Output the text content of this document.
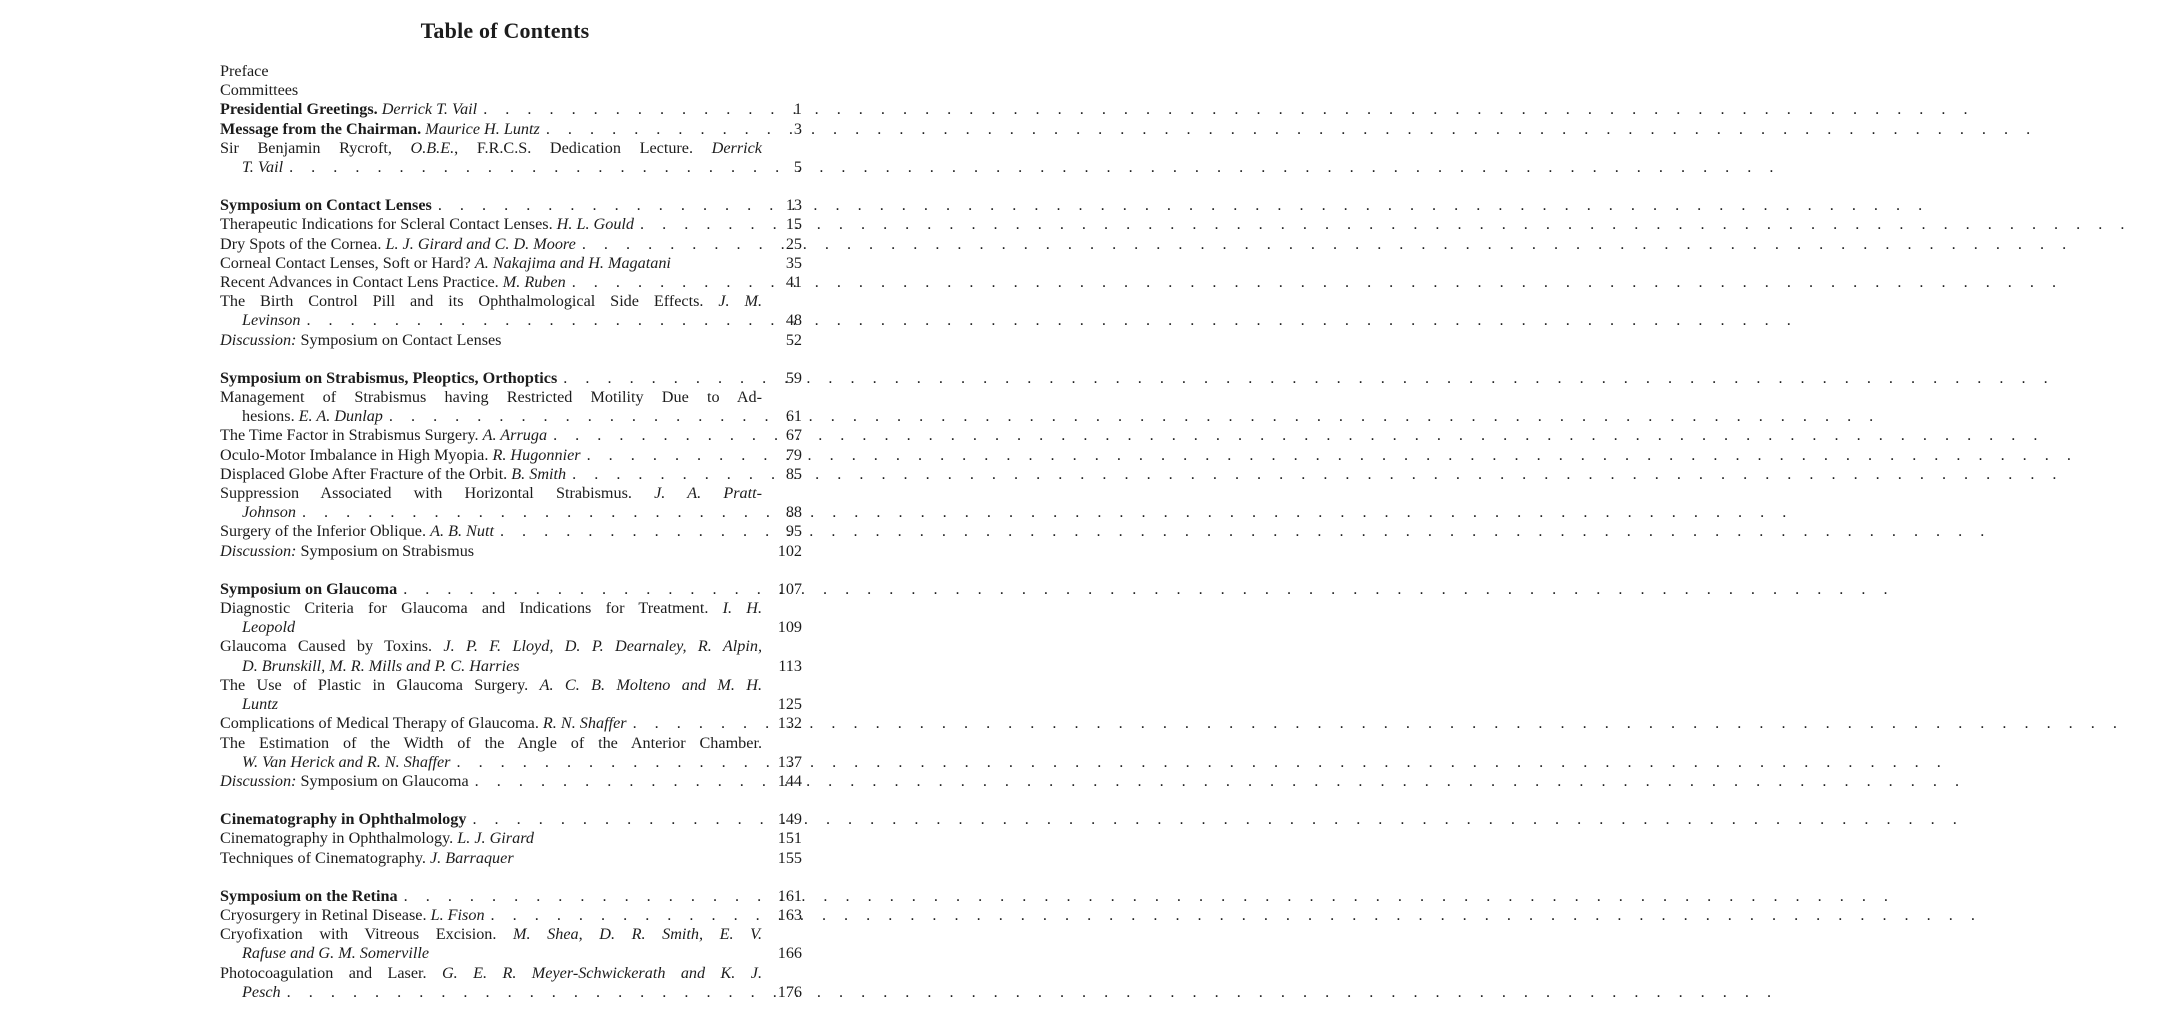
Table of Contents
Preface
Committees
Presidential Greetings. Derrick T. Vail . . .	1
Message from the Chairman. Maurice H. Luntz . . .	3
Sir Benjamin Rycroft, O.B.E., F.R.C.S. Dedication Lecture. Derrick
T. Vail . . .	5
Symposium on Contact Lenses . . .	13
Therapeutic Indications for Scleral Contact Lenses. H. L. Gould . . .	15
Dry Spots of the Cornea. L. J. Girard and C. D. Moore . . .	25
Corneal Contact Lenses, Soft or Hard? A. Nakajima and H. Magatani	35
Recent Advances in Contact Lens Practice. M. Ruben . . .	41
The Birth Control Pill and its Ophthalmological Side Effects. J. M.
Levinson . . .	48
Discussion: Symposium on Contact Lenses	52
Symposium on Strabismus, Pleoptics, Orthoptics . . .	59
Management of Strabismus having Restricted Motility Due to Ad-
hesions. E. A. Dunlap . . .	61
The Time Factor in Strabismus Surgery. A. Arruga . . .	67
Oculo-Motor Imbalance in High Myopia. R. Hugonnier . . .	79
Displaced Globe After Fracture of the Orbit. B. Smith . . .	85
Suppression Associated with Horizontal Strabismus. J. A. Pratt-
Johnson . . .	88
Surgery of the Inferior Oblique. A. B. Nutt . . .	95
Discussion: Symposium on Strabismus	102
Symposium on Glaucoma . . .	107
Diagnostic Criteria for Glaucoma and Indications for Treatment. I. H.
Leopold	109
Glaucoma Caused by Toxins. J. P. F. Lloyd, D. P. Dearnaley, R. Alpin,
D. Brunskill, M. R. Mills and P. C. Harries	113
The Use of Plastic in Glaucoma Surgery. A. C. B. Molteno and M. H.
Luntz	125
Complications of Medical Therapy of Glaucoma. R. N. Shaffer . . .	132
The Estimation of the Width of the Angle of the Anterior Chamber.
W. Van Herick and R. N. Shaffer . . .	137
Discussion: Symposium on Glaucoma . . .	144
Cinematography in Ophthalmology . . .	149
Cinematography in Ophthalmology. L. J. Girard	151
Techniques of Cinematography. J. Barraquer	155
Symposium on the Retina . . .	161
Cryosurgery in Retinal Disease. L. Fison . . .	163
Cryofixation with Vitreous Excision. M. Shea, D. R. Smith, E. V.
Rafuse and G. M. Somerville	166
Photocoagulation and Laser. G. E. R. Meyer-Schwickerath and K. J.
Pesch . . .	176
